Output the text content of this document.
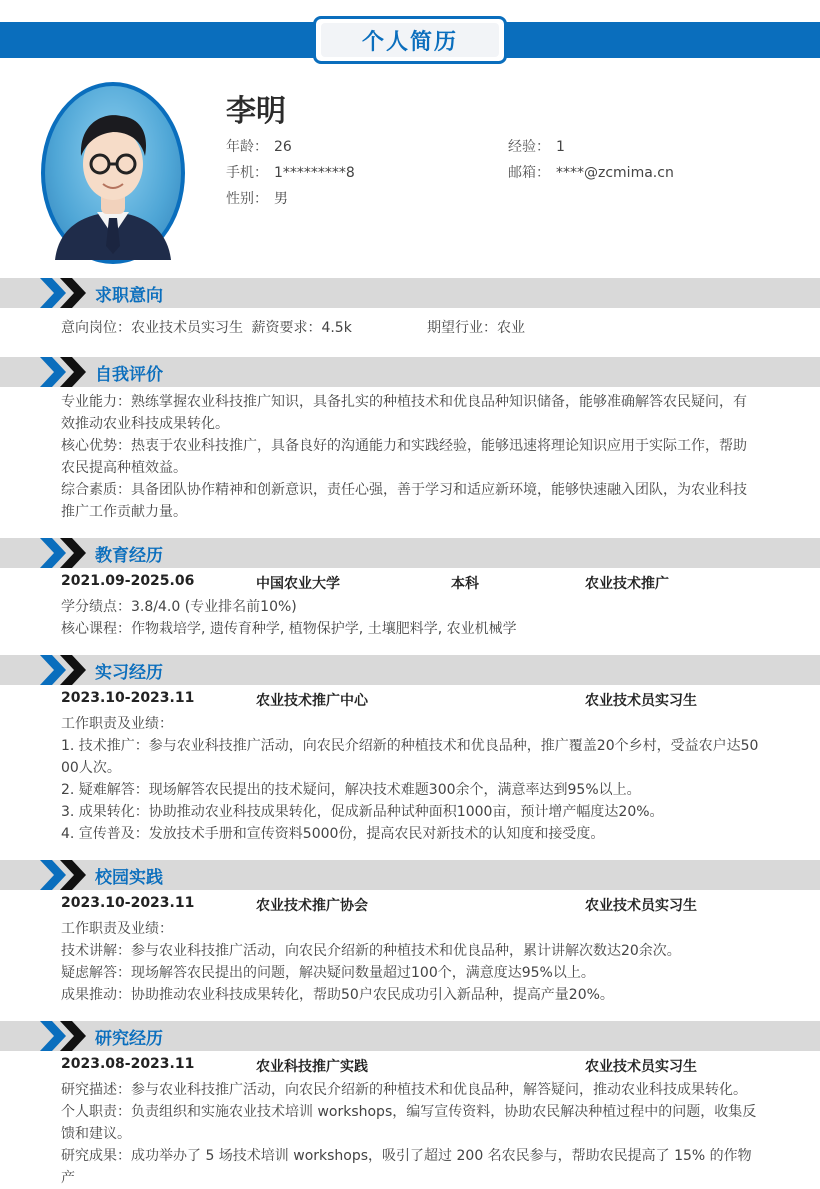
个人简历
李明
年龄： 26	经验： 1
手机： 1*********8	邮箱： ****@zcmima.cn
性别： 男
求职意向
意向岗位：农业技术员实习生 薪资要求：4.5k	期望行业：农业
自我评价
专业能力：熟练掌握农业科技推广知识，具备扎实的种植技术和优良品种知识储备，能够准确解答农民疑问，有
效推动农业科技成果转化。
核心优势：热衷于农业科技推广，具备良好的沟通能力和实践经验，能够迅速将理论知识应用于实际工作，帮助
农民提高种植效益。
综合素质：具备团队协作精神和创新意识，责任心强，善于学习和适应新环境，能够快速融入团队，为农业科技
推广工作贡献力量。
教育经历
2021.09-2025.06	中国农业大学	本科	农业技术推广
学分绩点：3.8/4.0 (专业排名前10%)
核心课程：作物栽培学, 遗传育种学, 植物保护学, 土壤肥料学, 农业机械学
实习经历
2023.10-2023.11	农业技术推广中心	农业技术员实习生
工作职责及业绩：
1. 技术推广：参与农业科技推广活动，向农民介绍新的种植技术和优良品种，推广覆盖20个乡村，受益农户达50
00人次。
2. 疑难解答：现场解答农民提出的技术疑问，解决技术难题300余个，满意率达到95%以上。
3. 成果转化：协助推动农业科技成果转化，促成新品种试种面积1000亩，预计增产幅度达20%。
4. 宣传普及：发放技术手册和宣传资料5000份，提高农民对新技术的认知度和接受度。
校园实践
2023.10-2023.11	农业技术推广协会	农业技术员实习生
工作职责及业绩：
技术讲解：参与农业科技推广活动，向农民介绍新的种植技术和优良品种，累计讲解次数达20余次。
疑虑解答：现场解答农民提出的问题，解决疑问数量超过100个，满意度达95%以上。
成果推动：协助推动农业科技成果转化，帮助50户农民成功引入新品种，提高产量20%。
研究经历
2023.08-2023.11	农业科技推广实践	农业技术员实习生
研究描述：参与农业科技推广活动，向农民介绍新的种植技术和优良品种，解答疑问，推动农业科技成果转化。
个人职责：负责组织和实施农业技术培训 workshops，编写宣传资料，协助农民解决种植过程中的问题，收集反
馈和建议。
研究成果：成功举办了 5 场技术培训 workshops，吸引了超过 200 名农民参与，帮助农民提高了 15% 的作物产
